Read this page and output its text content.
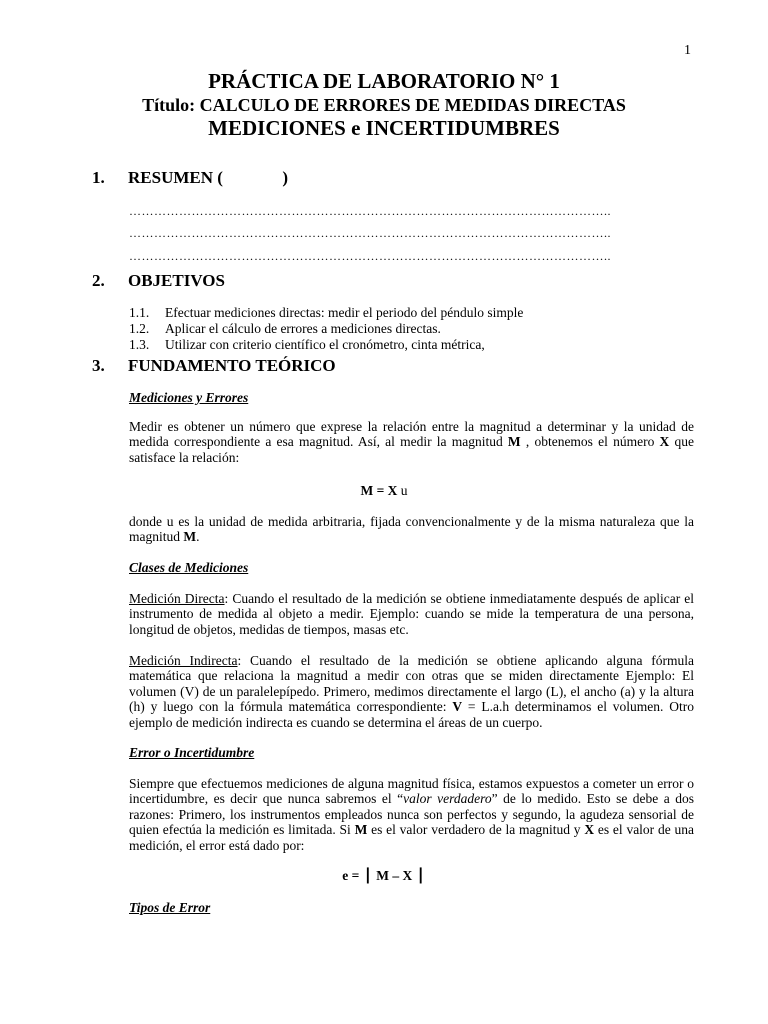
1
PRÁCTICA DE LABORATORIO N° 1
Título: CALCULO DE ERRORES DE MEDIDAS DIRECTAS
MEDICIONES e INCERTIDUMBRES
1. RESUMEN (              )
……………………………………………………………………………………………………..
……………………………………………………………………………………………………..
……………………………………………………………………………………………………..
2. OBJETIVOS
1.1. Efectuar mediciones directas: medir el periodo del péndulo simple
1.2. Aplicar el cálculo de errores a mediciones directas.
1.3. Utilizar con criterio científico el cronómetro, cinta métrica,
3. FUNDAMENTO TEÓRICO
Mediciones y Errores
Medir es obtener un número que exprese la relación entre la magnitud a determinar y la unidad de medida correspondiente a esa magnitud. Así, al medir la magnitud M , obtenemos el número X que satisface la relación:
M = X u
donde u es la unidad de medida arbitraria, fijada convencionalmente y de la misma naturaleza que la magnitud M.
Clases de Mediciones
Medición Directa: Cuando el resultado de la medición se obtiene inmediatamente después de aplicar el instrumento de medida al objeto a medir. Ejemplo: cuando se mide la temperatura de una persona, longitud de objetos, medidas de tiempos, masas etc.
Medición Indirecta: Cuando el resultado de la medición se obtiene aplicando alguna fórmula matemática que relaciona la magnitud a medir con otras que se miden directamente Ejemplo: El volumen (V) de un paralelepípedo. Primero, medimos directamente el largo (L), el ancho (a) y la altura (h) y luego con la fórmula matemática correspondiente: V = L.a.h determinamos el volumen. Otro ejemplo de medición indirecta es cuando se determina el áreas de un cuerpo.
Error o Incertidumbre
Siempre que efectuemos mediciones de alguna magnitud física, estamos expuestos a cometer un error o incertidumbre, es decir que nunca sabremos el “valor verdadero” de lo medido. Esto se debe a dos razones: Primero, los instrumentos empleados nunca son perfectos y segundo, la agudeza sensorial de quien efectúa la medición es limitada. Si M es el valor verdadero de la magnitud y X es el valor de una medición, el error está dado por:
e = ⎪ M – X ⎪
Tipos de Error
